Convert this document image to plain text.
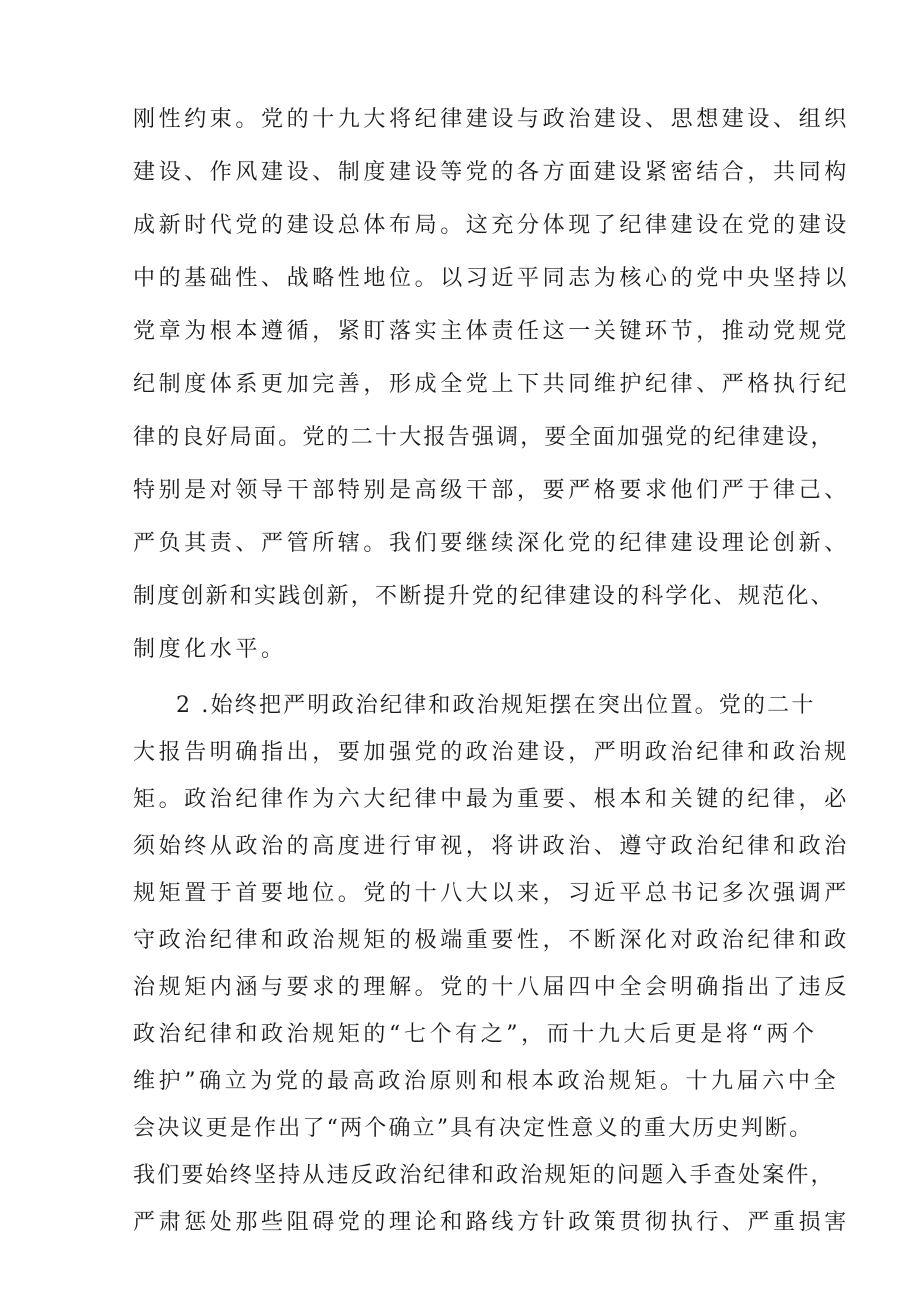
刚性约束。党的十九大将纪律建设与政治建设、思想建设、组织
建设、作风建设、制度建设等党的各方面建设紧密结合，共同构
成新时代党的建设总体布局。这充分体现了纪律建设在党的建设
中的基础性、战略性地位。以习近平同志为核心的党中央坚持以
党章为根本遵循，紧盯落实主体责任这一关键环节，推动党规党
纪制度体系更加完善，形成全党上下共同维护纪律、严格执行纪
律的良好局面。党的二十大报告强调，要全面加强党的纪律建设，
特别是对领导干部特别是高级干部，要严格要求他们严于律己、
严负其责、严管所辖。我们要继续深化党的纪律建设理论创新、
制度创新和实践创新，不断提升党的纪律建设的科学化、规范化、
制度化水平。
2 .始终把严明政治纪律和政治规矩摆在突出位置。党的二十
大报告明确指出，要加强党的政治建设，严明政治纪律和政治规
矩。政治纪律作为六大纪律中最为重要、根本和关键的纪律，必
须始终从政治的高度进行审视，将讲政治、遵守政治纪律和政治
规矩置于首要地位。党的十八大以来，习近平总书记多次强调严
守政治纪律和政治规矩的极端重要性，不断深化对政治纪律和政
治规矩内涵与要求的理解。党的十八届四中全会明确指出了违反
政治纪律和政治规矩的“七个有之”，而十九大后更是将“两个
维护”确立为党的最高政治原则和根本政治规矩。十九届六中全
会决议更是作出了“两个确立”具有决定性意义的重大历史判断。
我们要始终坚持从违反政治纪律和政治规矩的问题入手查处案件，
严肃惩处那些阻碍党的理论和路线方针政策贯彻执行、严重损害
